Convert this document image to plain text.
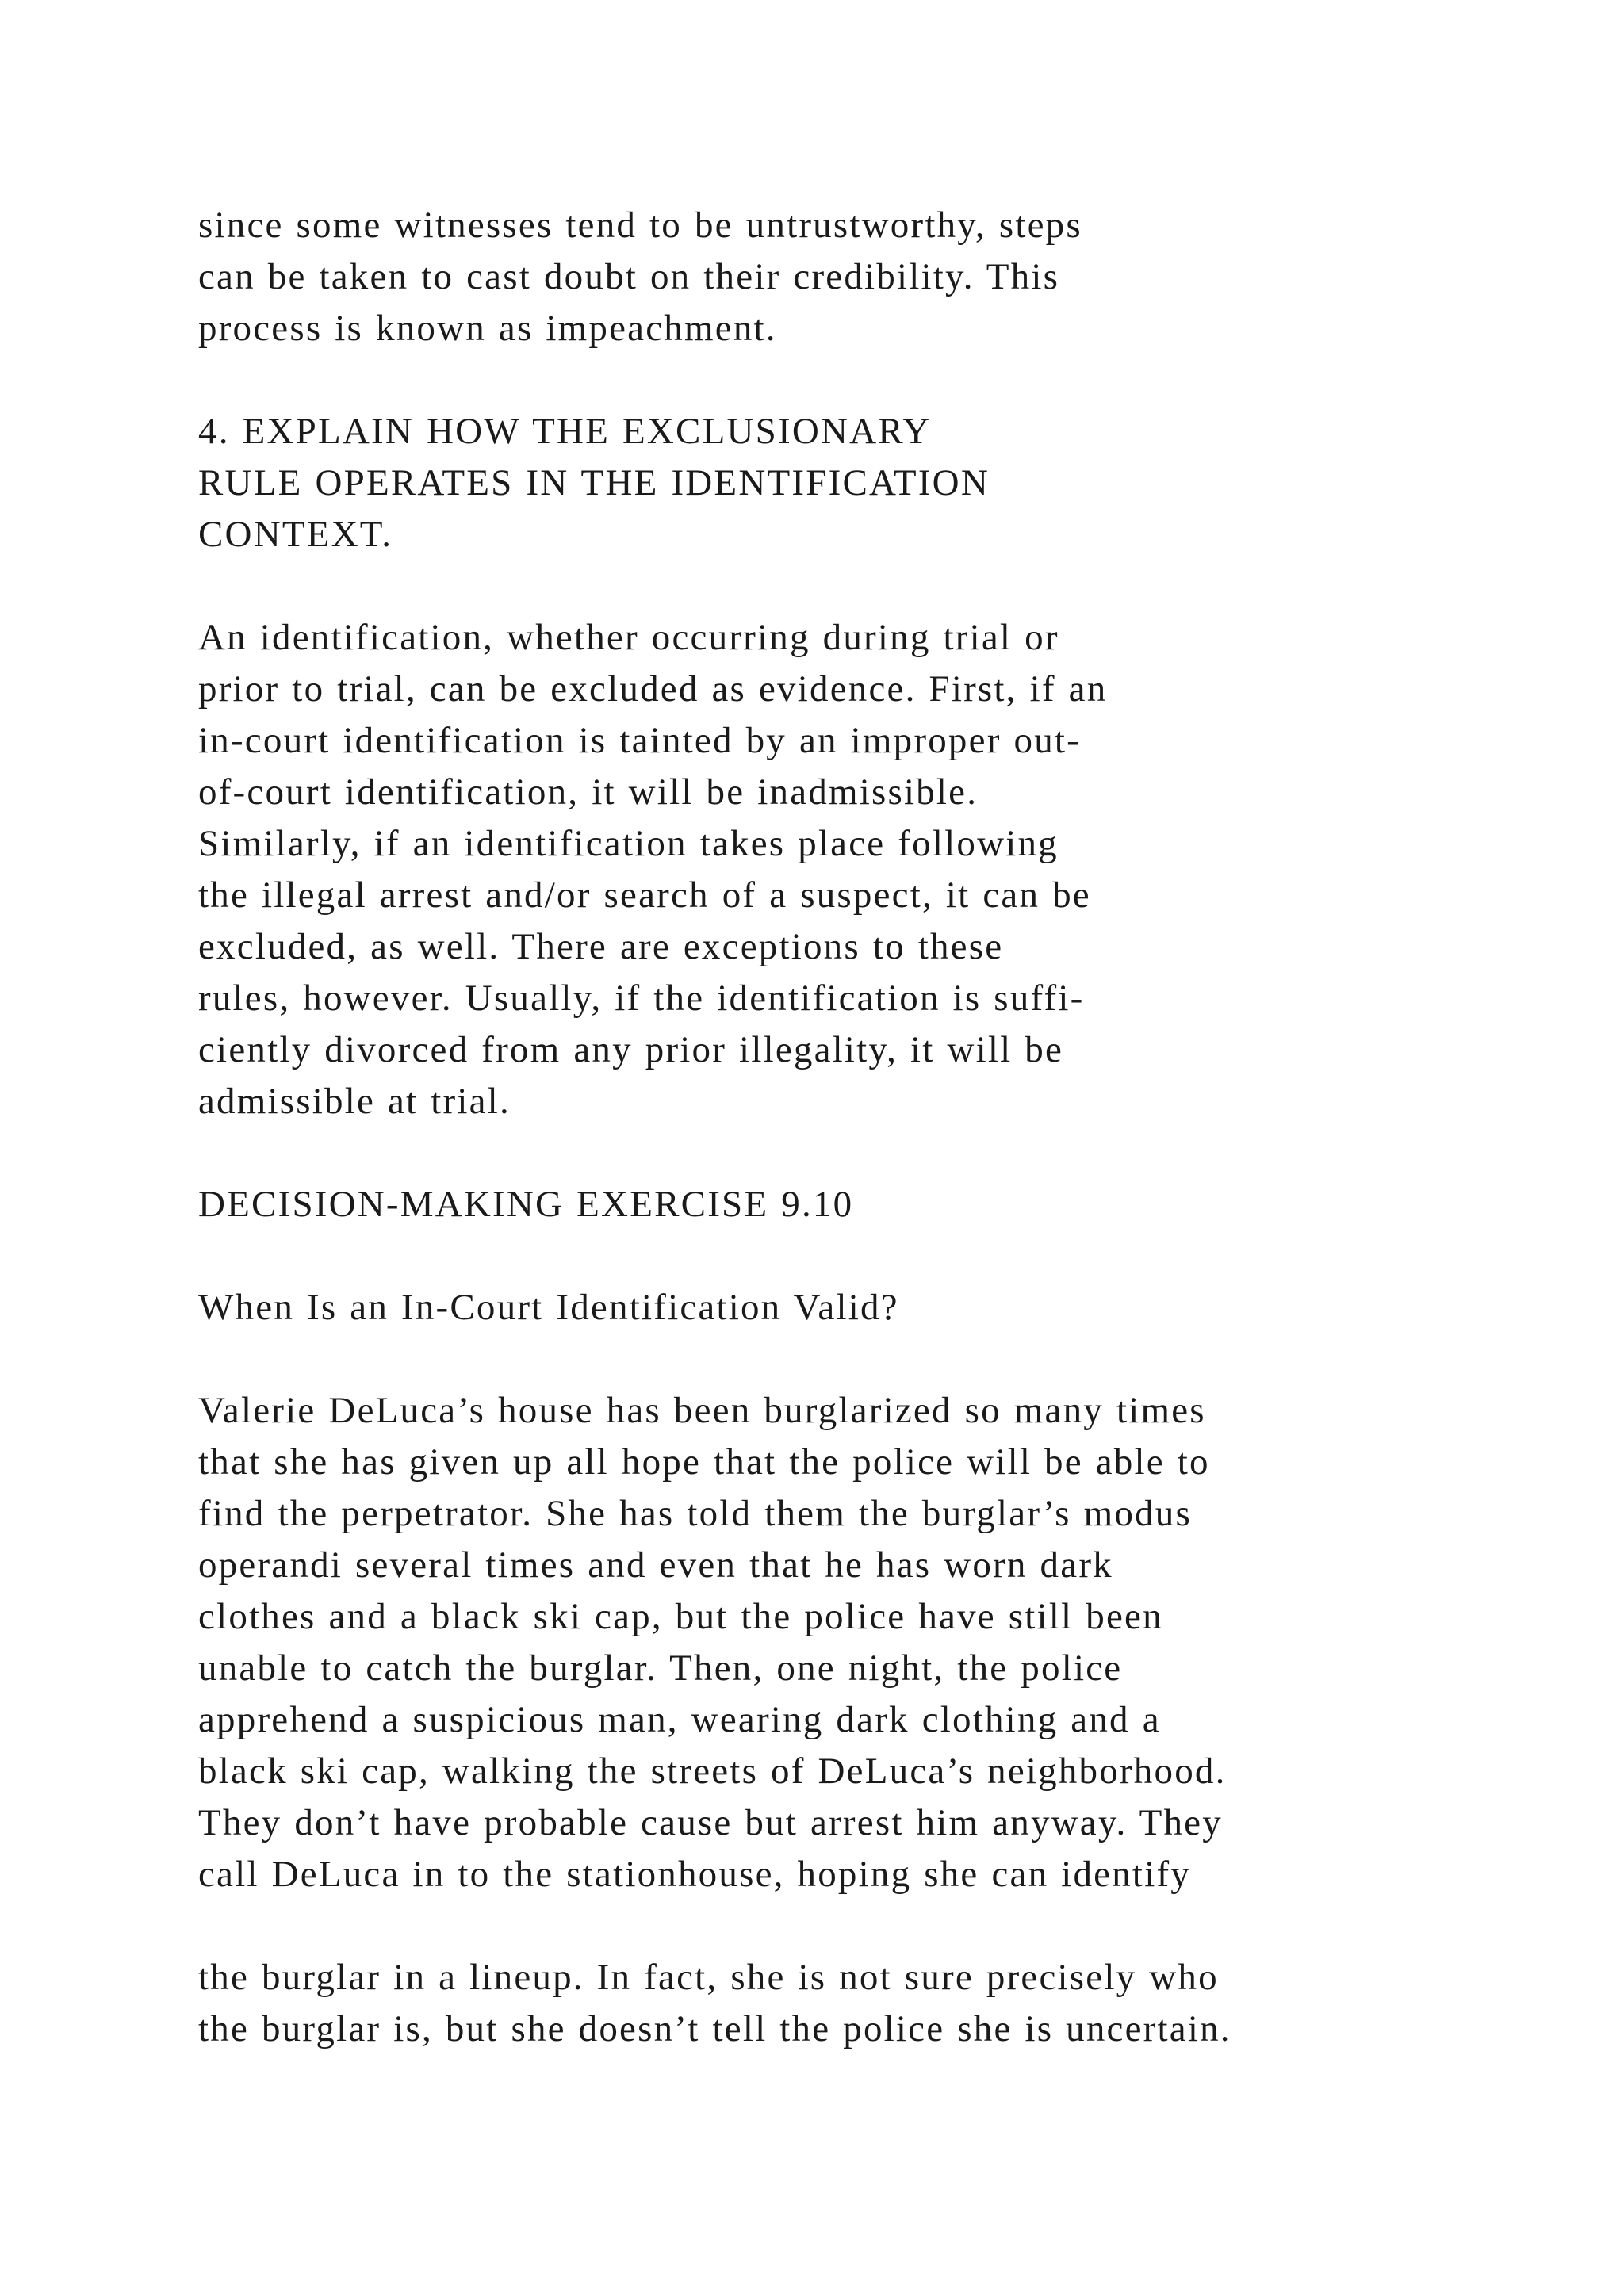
since some witnesses tend to be untrustworthy, steps
can be taken to cast doubt on their credibility. This
process is known as impeachment.

4. EXPLAIN HOW THE EXCLUSIONARY
RULE OPERATES IN THE IDENTIFICATION
CONTEXT.

An identification, whether occurring during trial or
prior to trial, can be excluded as evidence. First, if an
in-court identification is tainted by an improper out-
of-court identification, it will be inadmissible.
Similarly, if an identification takes place following
the illegal arrest and/or search of a suspect, it can be
excluded, as well. There are exceptions to these
rules, however. Usually, if the identification is suffi-
ciently divorced from any prior illegality, it will be
admissible at trial.

DECISION-MAKING EXERCISE 9.10
When Is an In-Court Identification Valid?

Valerie DeLuca’s house has been burglarized so many times
that she has given up all hope that the police will be able to
find the perpetrator. She has told them the burglar’s modus
operandi several times and even that he has worn dark
clothes and a black ski cap, but the police have still been
unable to catch the burglar. Then, one night, the police
apprehend a suspicious man, wearing dark clothing and a
black ski cap, walking the streets of DeLuca’s neighborhood.
They don’t have probable cause but arrest him anyway. They
call DeLuca in to the stationhouse, hoping she can identify

the burglar in a lineup. In fact, she is not sure precisely who
the burglar is, but she doesn’t tell the police she is uncertain.
